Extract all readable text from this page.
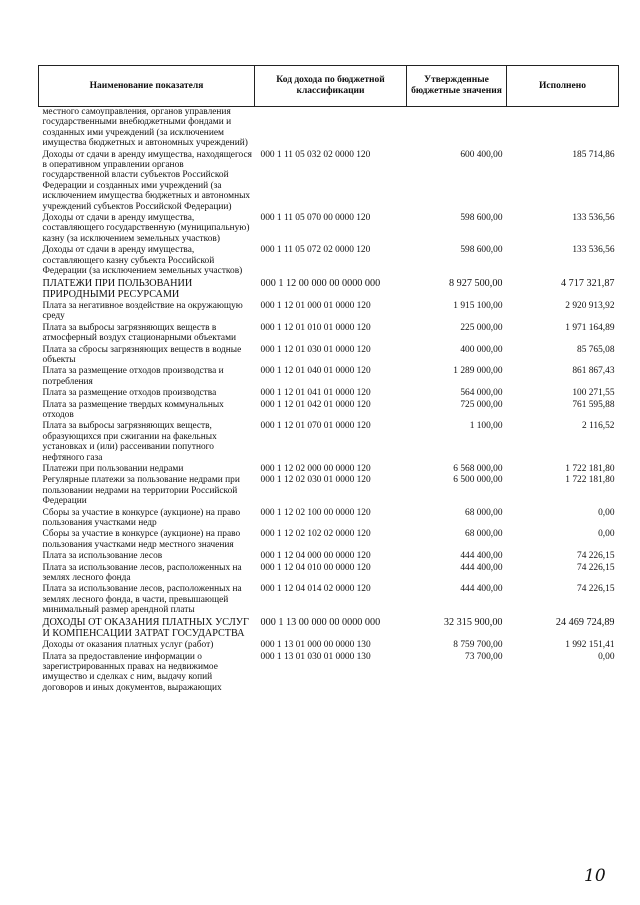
Наименование показателя	Код дохода по бюджетной классификации	Утвержденные бюджетные значения	Исполнено
местного самоуправления, органов управления государственными внебюджетными фондами и созданных ими учреждений (за исключением имущества бюджетных и автономных учреждений)			
Доходы от сдачи в аренду имущества, находящегося в оперативном управлении органов государственной власти субъектов Российской Федерации и созданных ими учреждений (за исключением имущества бюджетных и автономных учреждений субъектов Российской Федерации)	000 1 11 05 032 02 0000 120	600 400,00	185 714,86
Доходы от сдачи в аренду имущества, составляющего государственную (муниципальную) казну (за исключением земельных участков)	000 1 11 05 070 00 0000 120	598 600,00	133 536,56
Доходы от сдачи в аренду имущества, составляющего казну субъекта Российской Федерации (за исключением земельных участков)	000 1 11 05 072 02 0000 120	598 600,00	133 536,56
ПЛАТЕЖИ ПРИ ПОЛЬЗОВАНИИ ПРИРОДНЫМИ РЕСУРСАМИ	000 1 12 00 000 00 0000 000	8 927 500,00	4 717 321,87
Плата за негативное воздействие на окружающую среду	000 1 12 01 000 01 0000 120	1 915 100,00	2 920 913,92
Плата за выбросы загрязняющих веществ в атмосферный воздух стационарными объектами	000 1 12 01 010 01 0000 120	225 000,00	1 971 164,89
Плата за сбросы загрязняющих веществ в водные объекты	000 1 12 01 030 01 0000 120	400 000,00	85 765,08
Плата за размещение отходов производства и потребления	000 1 12 01 040 01 0000 120	1 289 000,00	861 867,43
Плата за размещение отходов производства	000 1 12 01 041 01 0000 120	564 000,00	100 271,55
Плата за размещение твердых коммунальных отходов	000 1 12 01 042 01 0000 120	725 000,00	761 595,88
Плата за выбросы загрязняющих веществ, образующихся при сжигании на факельных установках и (или) рассеивании попутного нефтяного газа	000 1 12 01 070 01 0000 120	1 100,00	2 116,52
Платежи при пользовании недрами	000 1 12 02 000 00 0000 120	6 568 000,00	1 722 181,80
Регулярные платежи за пользование недрами при пользовании недрами на территории Российской Федерации	000 1 12 02 030 01 0000 120	6 500 000,00	1 722 181,80
Сборы за участие в конкурсе (аукционе) на право пользования участками недр	000 1 12 02 100 00 0000 120	68 000,00	0,00
Сборы за участие в конкурсе (аукционе) на право пользования участками недр местного значения	000 1 12 02 102 02 0000 120	68 000,00	0,00
Плата за использование лесов	000 1 12 04 000 00 0000 120	444 400,00	74 226,15
Плата за использование лесов, расположенных на землях лесного фонда	000 1 12 04 010 00 0000 120	444 400,00	74 226,15
Плата за использование лесов, расположенных на землях лесного фонда, в части, превышающей минимальный размер арендной платы	000 1 12 04 014 02 0000 120	444 400,00	74 226,15
ДОХОДЫ ОТ ОКАЗАНИЯ ПЛАТНЫХ УСЛУГ И КОМПЕНСАЦИИ ЗАТРАТ ГОСУДАРСТВА	000 1 13 00 000 00 0000 000	32 315 900,00	24 469 724,89
Доходы от оказания платных услуг (работ)	000 1 13 01 000 00 0000 130	8 759 700,00	1 992 151,41
Плата за предоставление информации о зарегистрированных правах на недвижимое имущество и сделках с ним, выдачу копий договоров и иных документов, выражающих	000 1 13 01 030 01 0000 130	73 700,00	0,00
10
